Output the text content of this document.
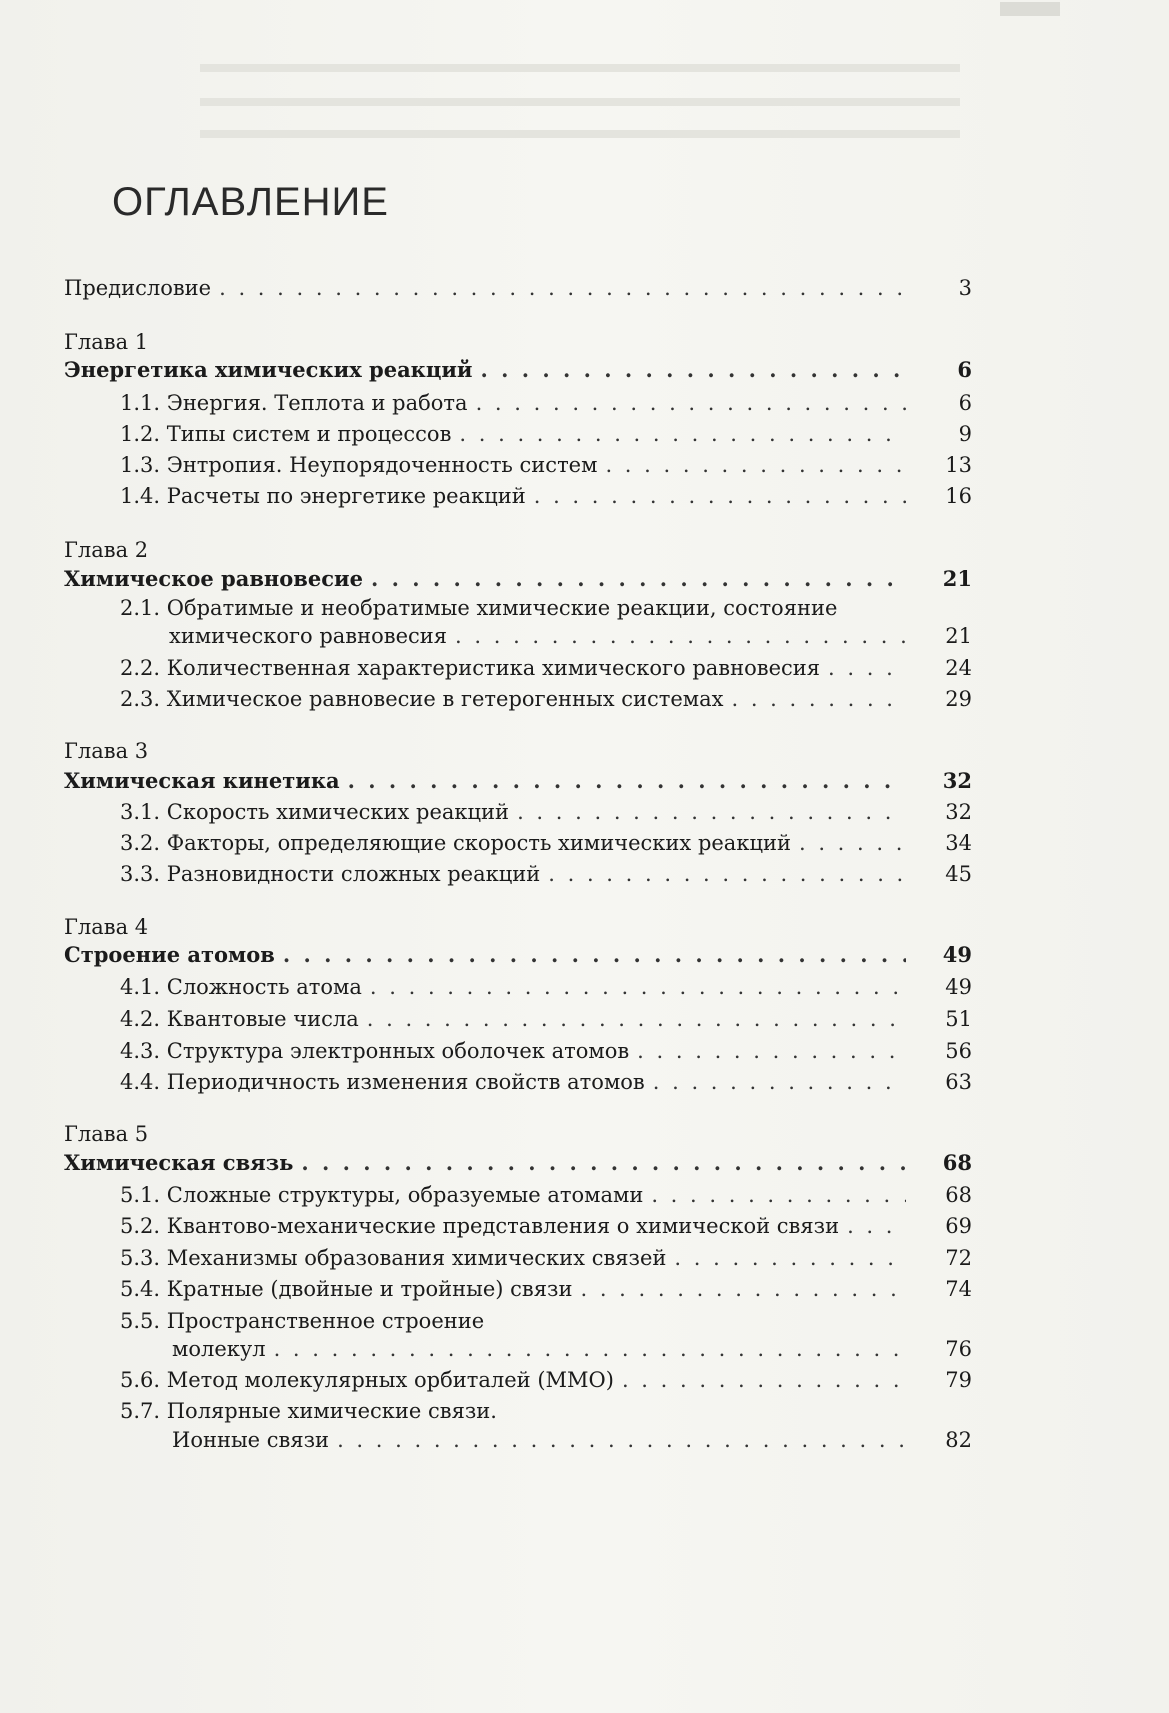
ОГЛАВЛЕНИЕ
Предисловие . . .	3
Глава 1
Энергетика химических реакций . . .	6
1.1. Энергия. Теплота и работа . . .	6
1.2. Типы систем и процессов . . .	9
1.3. Энтропия. Неупорядоченность систем . . .	13
1.4. Расчеты по энергетике реакций . . .	16
Глава 2
Химическое равновесие . . .	21
2.1. Обратимые и необратимые химические реакции, состояние
химического равновесия . . .	21
2.2. Количественная характеристика химического равновесия . . .	24
2.3. Химическое равновесие в гетерогенных системах . . .	29
Глава 3
Химическая кинетика . . .	32
3.1. Скорость химических реакций . . .	32
3.2. Факторы, определяющие скорость химических реакций . . .	34
3.3. Разновидности сложных реакций . . .	45
Глава 4
Строение атомов . . .	49
4.1. Сложность атома . . .	49
4.2. Квантовые числа . . .	51
4.3. Структура электронных оболочек атомов . . .	56
4.4. Периодичность изменения свойств атомов . . .	63
Глава 5
Химическая связь . . .	68
5.1. Сложные структуры, образуемые атомами . . .	68
5.2. Квантово-механические представления о химической связи . . .	69
5.3. Механизмы образования химических связей . . .	72
5.4. Кратные (двойные и тройные) связи . . .	74
5.5. Пространственное строение
молекул . . .	76
5.6. Метод молекулярных орбиталей (ММО) . . .	79
5.7. Полярные химические связи.
Ионные связи . . .	82
